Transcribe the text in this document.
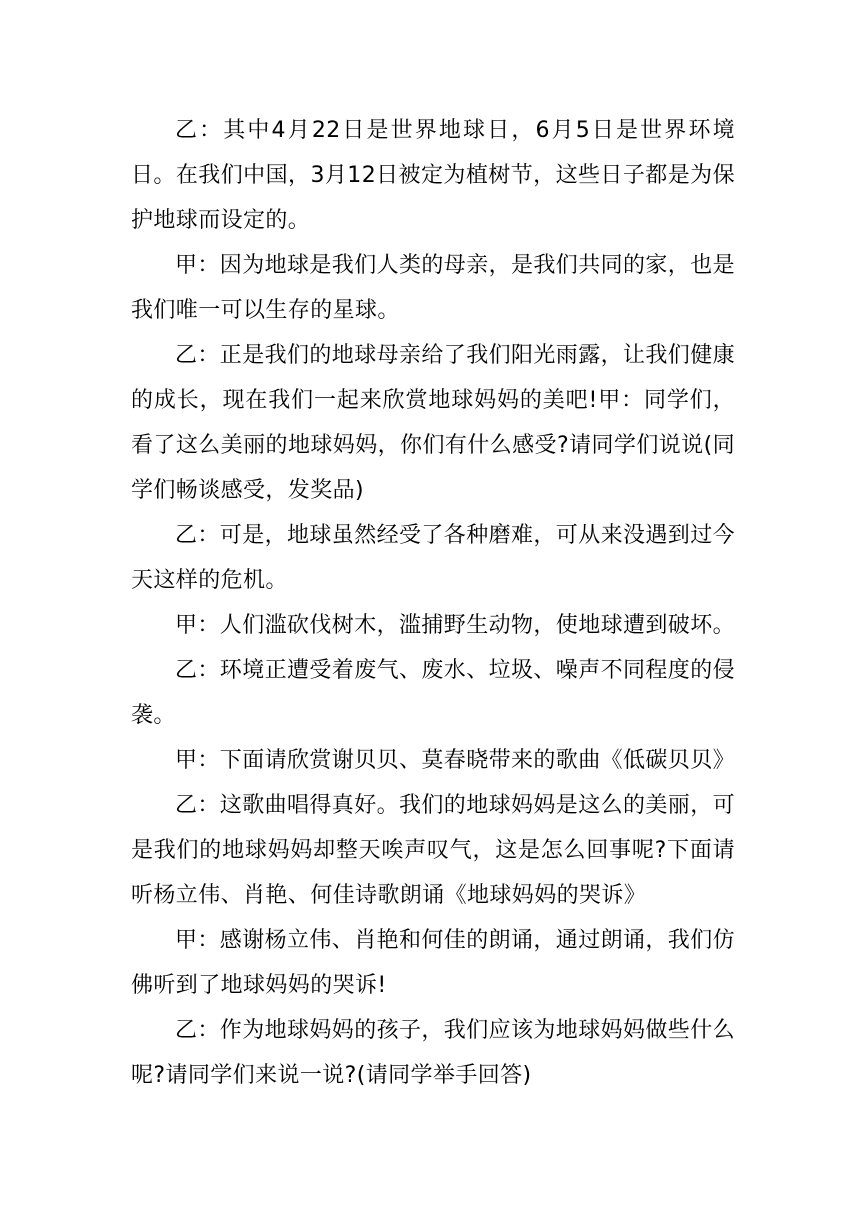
乙：其中4月22日是世界地球日，6月5日是世界环境日。在我们中国，3月12日被定为植树节，这些日子都是为保护地球而设定的。

甲：因为地球是我们人类的母亲，是我们共同的家，也是我们唯一可以生存的星球。

乙：正是我们的地球母亲给了我们阳光雨露，让我们健康的成长，现在我们一起来欣赏地球妈妈的美吧!甲：同学们，看了这么美丽的地球妈妈，你们有什么感受?请同学们说说(同学们畅谈感受，发奖品)

乙：可是，地球虽然经受了各种磨难，可从来没遇到过今天这样的危机。

甲：人们滥砍伐树木，滥捕野生动物，使地球遭到破坏。

乙：环境正遭受着废气、废水、垃圾、噪声不同程度的侵袭。

甲：下面请欣赏谢贝贝、莫春晓带来的歌曲《低碳贝贝》

乙：这歌曲唱得真好。我们的地球妈妈是这么的美丽，可是我们的地球妈妈却整天唉声叹气，这是怎么回事呢?下面请听杨立伟、肖艳、何佳诗歌朗诵《地球妈妈的哭诉》

甲：感谢杨立伟、肖艳和何佳的朗诵，通过朗诵，我们仿佛听到了地球妈妈的哭诉!

乙：作为地球妈妈的孩子，我们应该为地球妈妈做些什么呢?请同学们来说一说?(请同学举手回答)
